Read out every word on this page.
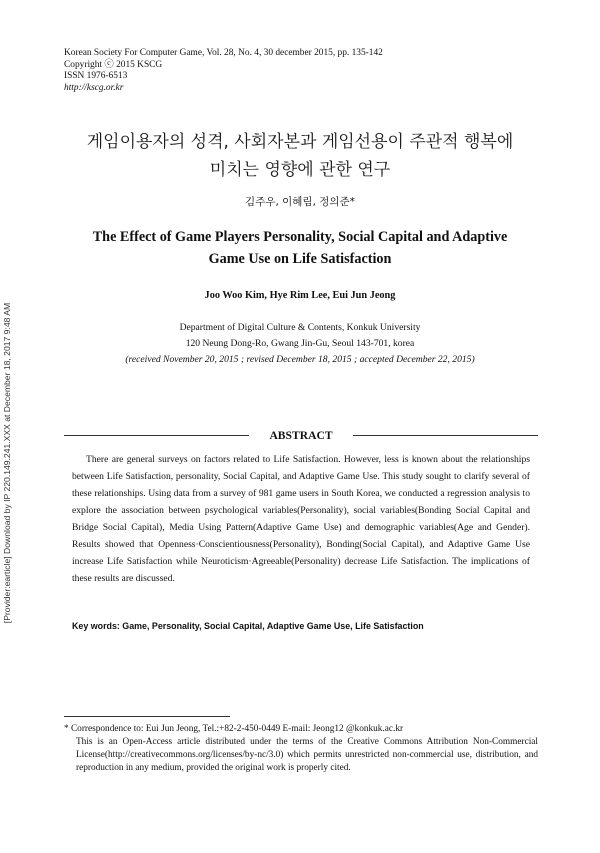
[Provider:earticle] Download by IP 220.149.241.XXX at December 18, 2017 9:48 AM
Korean Society For Computer Game, Vol. 28, No. 4, 30 december 2015, pp. 135-142
Copyright ⓒ 2015 KSCG
ISSN 1976-6513
http://kscg.or.kr
게임이용자의 성격, 사회자본과 게임선용이 주관적 행복에
미치는 영향에 관한 연구
김주우, 이혜림, 정의준*
The Effect of Game Players Personality, Social Capital and Adaptive
Game Use on Life Satisfaction
Joo Woo Kim, Hye Rim Lee, Eui Jun Jeong
Department of Digital Culture & Contents, Konkuk University
120 Neung Dong-Ro, Gwang Jin-Gu, Seoul 143-701, korea
(received November 20, 2015 ; revised December 18, 2015 ; accepted December 22, 2015)
ABSTRACT

There are general surveys on factors related to Life Satisfaction. However, less is known about the relationships between Life Satisfaction, personality, Social Capital, and Adaptive Game Use. This study sought to clarify several of these relationships. Using data from a survey of 981 game users in South Korea, we conducted a regression analysis to explore the association between psychological variables(Personality), social variables(Bonding Social Capital and Bridge Social Capital), Media Using Pattern(Adaptive Game Use) and demographic variables(Age and Gender). Results showed that Openness·Conscientiousness(Personality), Bonding(Social Capital), and Adaptive Game Use increase Life Satisfaction while Neuroticism·Agreeable(Personality) decrease Life Satisfaction. The implications of these results are discussed.

Key words: Game, Personality, Social Capital, Adaptive Game Use, Life Satisfaction
* Correspondence to: Eui Jun Jeong, Tel.:+82-2-450-0449 E-mail: Jeong12 @konkuk.ac.kr

This is an Open-Access article distributed under the terms of the Creative Commons Attribution Non-Commercial License(http://creativecommons.org/licenses/by-nc/3.0) which permits unrestricted non-commercial use, distribution, and reproduction in any medium, provided the original work is properly cited.
